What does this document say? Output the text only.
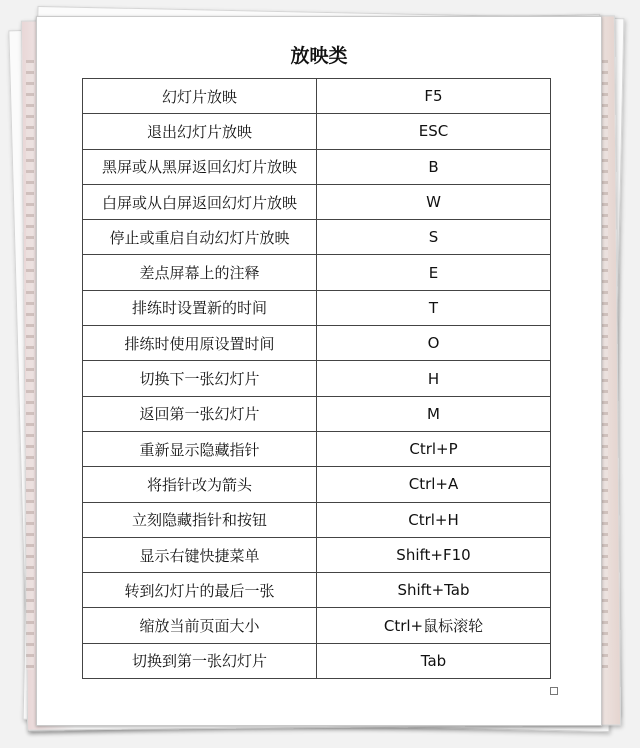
放映类
幻灯片放映	F5
退出幻灯片放映	ESC
黑屏或从黑屏返回幻灯片放映	B
白屏或从白屏返回幻灯片放映	W
停止或重启自动幻灯片放映	S
差点屏幕上的注释	E
排练时设置新的时间	T
排练时使用原设置时间	O
切换下一张幻灯片	H
返回第一张幻灯片	M
重新显示隐藏指针	Ctrl+P
将指针改为箭头	Ctrl+A
立刻隐藏指针和按钮	Ctrl+H
显示右键快捷菜单	Shift+F10
转到幻灯片的最后一张	Shift+Tab
缩放当前页面大小	Ctrl+鼠标滚轮
切换到第一张幻灯片	Tab
